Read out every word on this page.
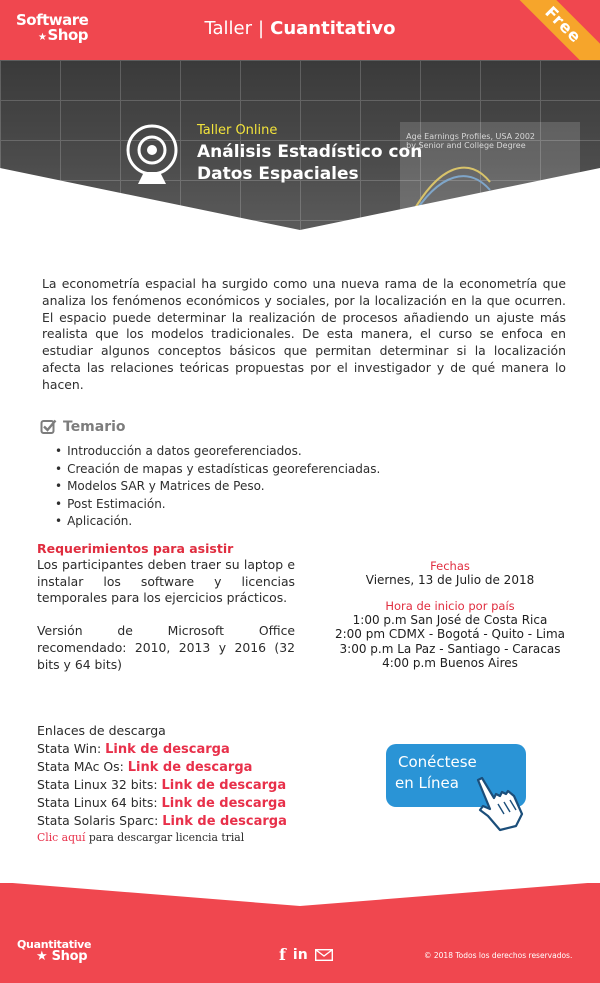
Software
★Shop	Taller | Cuantitativo	Free
Age Earnings Profiles, USA 2002
by Senior and College Degree
Taller Online
Análisis Estadístico con
Datos Espaciales

La econometría espacial ha surgido como una nueva rama de la econometría que analiza los fenómenos económicos y sociales, por la localización en la que ocurren. El espacio puede determinar la realización de procesos añadiendo un ajuste más realista que los modelos tradicionales. De esta manera, el curso se enfoca en estudiar algunos conceptos básicos que permitan determinar si la localización afecta las relaciones teóricas propuestas por el investigador y de qué manera lo hacen.

Temario
• Introducción a datos georeferenciados.
• Creación de mapas y estadísticas georeferenciadas.
• Modelos SAR y Matrices de Peso.
• Post Estimación.
• Aplicación.
Requerimientos para asistir

Los participantes deben traer su laptop e instalar los software y licencias temporales para los ejercicios prácticos.

Versión de Microsoft Office recomendado: 2010, 2013 y 2016 (32 bits y 64 bits)

Fechas
Viernes, 13 de Julio de 2018
Hora de inicio por país
1:00 p.m San José de Costa Rica
2:00 pm CDMX - Bogotá - Quito - Lima
3:00 p.m La Paz - Santiago - Caracas
4:00 p.m Buenos Aires
Enlaces de descarga
Stata Win: Link de descarga
Stata MAc Os: Link de descarga
Stata Linux 32 bits: Link de descarga
Stata Linux 64 bits: Link de descarga
Stata Solaris Sparc: Link de descarga
Clic aquí para descargar licencia trial
Conéctese
en Línea
Quantitative
★ Shop	f in	© 2018 Todos los derechos reservados.
